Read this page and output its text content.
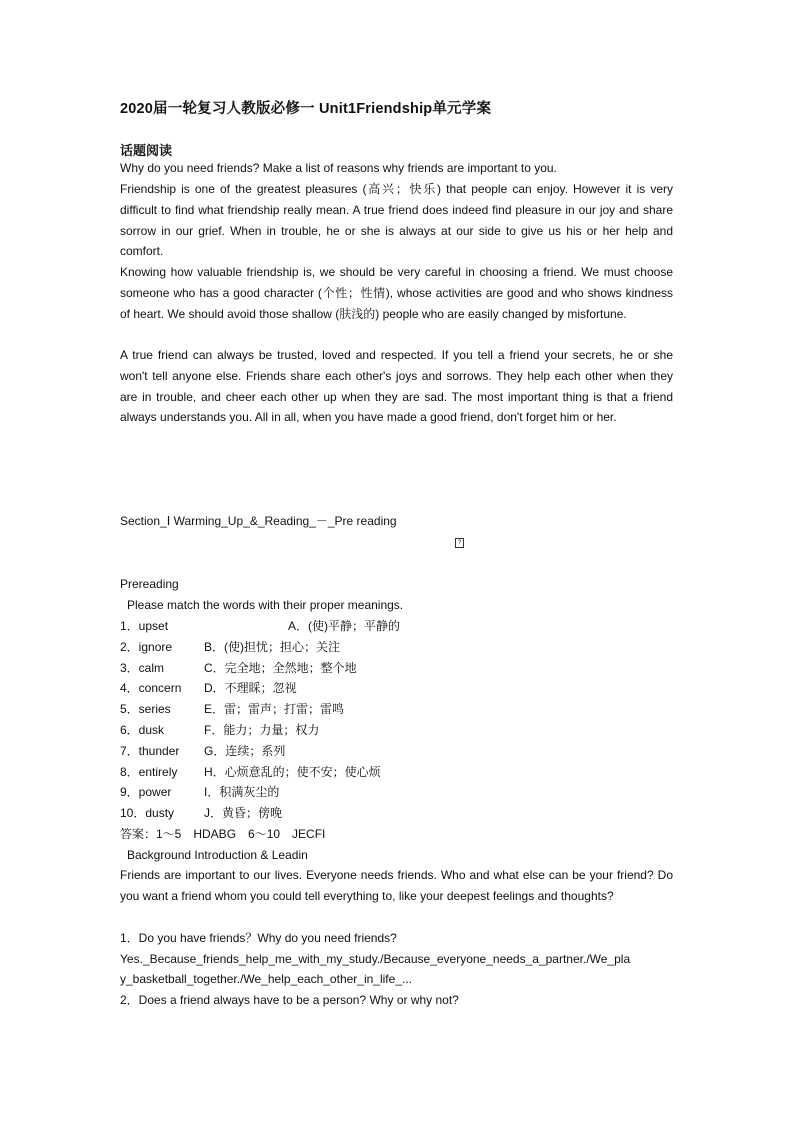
2020届一轮复习人教版必修一 Unit1Friendship单元学案
话题阅读
Why do you need friends? Make a list of reasons why friends are important to you.
Friendship is one of the greatest pleasures (高兴；快乐) that people can enjoy. However it is very difficult to find what friendship really mean. A true friend does indeed find pleasure in our joy and share sorrow in our grief. When in trouble, he or she is always at our side to give us his or her help and comfort.
Knowing how valuable friendship is, we should be very careful in choosing a friend. We must choose someone who has a good character (个性；性情), whose activities are good and who shows kindness of heart. We should avoid those shallow (肤浅的) people who are easily changed by misfortune.
A true friend can always be trusted, loved and respected. If you tell a friend your secrets, he or she won't tell anyone else. Friends share each other's joys and sorrows. They help each other when they are in trouble, and cheer each other up when they are sad. The most important thing is that a friend always understands you. All in all, when you have made a good friend, don't forget him or her.
Section_Ⅰ Warming_Up_&_Reading_－_Pre reading
?
Prereading
Please match the words with their proper meanings.
1．upset	A．(使)平静；平静的
2．ignore	B．(使)担忧；担心；关注
3．calm	C．完全地；全然地；整个地
4．concern D．不理睬；忽视
5．series	E．雷；雷声；打雷；雷鸣
6．dusk	F．能力；力量；权力
7．thunder G．连续；系列
8．entirely H．心烦意乱的；使不安；使心烦
9．power	I．积满灰尘的
10．dusty J．黄昏；傍晚
答案：1～5　HDABG　6～10　JECFI
Background Introduction & Leadin
Friends are important to our lives. Everyone needs friends. Who and what else can be your friend? Do you want a friend whom you could tell everything to, like your deepest feelings and thoughts?
1．Do you have friends？Why do you need friends?
Yes._Because_friends_help_me_with_my_study./Because_everyone_needs_a_partner./We_pla
y_basketball_together./We_help_each_other_in_life_...
2．Does a friend always have to be a person? Why or why not?
